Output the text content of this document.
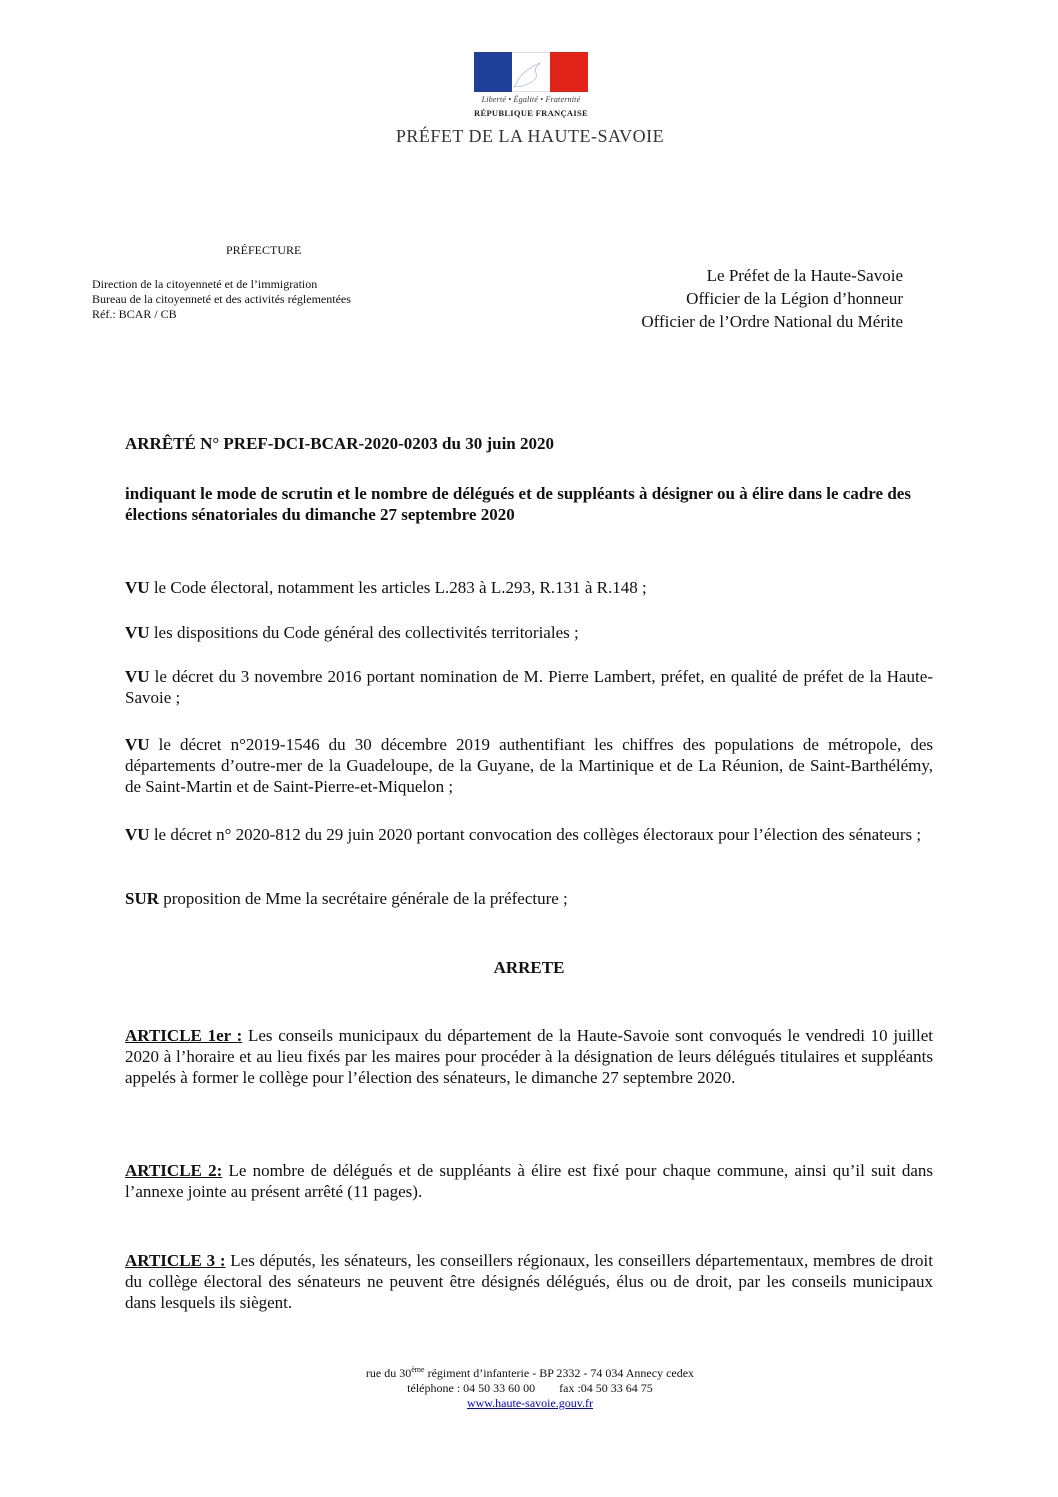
Liberté • Égalité • Fraternité
RÉPUBLIQUE FRANÇAISE
PRÉFET DE LA HAUTE-SAVOIE
PRÉFECTURE
Direction de la citoyenneté et de l’immigration
Bureau de la citoyenneté et des activités réglementées
Réf.: BCAR / CB
Le Préfet de la Haute-Savoie
Officier de la Légion d’honneur
Officier de l’Ordre National du Mérite
ARRÊTÉ N° PREF-DCI-BCAR-2020-0203 du 30 juin 2020
indiquant le mode de scrutin et le nombre de délégués et de suppléants à désigner ou à élire dans le cadre des élections sénatoriales du dimanche 27 septembre 2020
VU le Code électoral, notamment les articles L.283 à L.293, R.131 à R.148 ;
VU les dispositions du Code général des collectivités territoriales ;
VU le décret du 3 novembre 2016 portant nomination de M. Pierre Lambert, préfet, en qualité de préfet de la Haute-Savoie ;
VU le décret n°2019-1546 du 30 décembre 2019 authentifiant les chiffres des populations de métropole, des départements d’outre-mer de la Guadeloupe, de la Guyane, de la Martinique et de La Réunion, de Saint-Barthélémy, de Saint-Martin et de Saint-Pierre-et-Miquelon ;
VU le décret n° 2020-812 du 29 juin 2020 portant convocation des collèges électoraux pour l’élection des sénateurs ;
SUR proposition de Mme la secrétaire générale de la préfecture ;
ARRETE
ARTICLE 1er : Les conseils municipaux du département de la Haute-Savoie sont convoqués le vendredi 10 juillet 2020 à l’horaire et au lieu fixés par les maires pour procéder à la désignation de leurs délégués titulaires et suppléants appelés à former le collège pour l’élection des sénateurs, le dimanche 27 septembre 2020.
ARTICLE 2: Le nombre de délégués et de suppléants à élire est fixé pour chaque commune, ainsi qu’il suit dans l’annexe jointe au présent arrêté (11 pages).
ARTICLE 3 : Les députés, les sénateurs, les conseillers régionaux, les conseillers départementaux, membres de droit du collège électoral des sénateurs ne peuvent être désignés délégués, élus ou de droit, par les conseils municipaux dans lesquels ils siègent.
rue du 30ème régiment d’infanterie - BP 2332 - 74 034 Annecy cedex
téléphone : 04 50 33 60 00        fax :04 50 33 64 75
www.haute-savoie.gouv.fr
